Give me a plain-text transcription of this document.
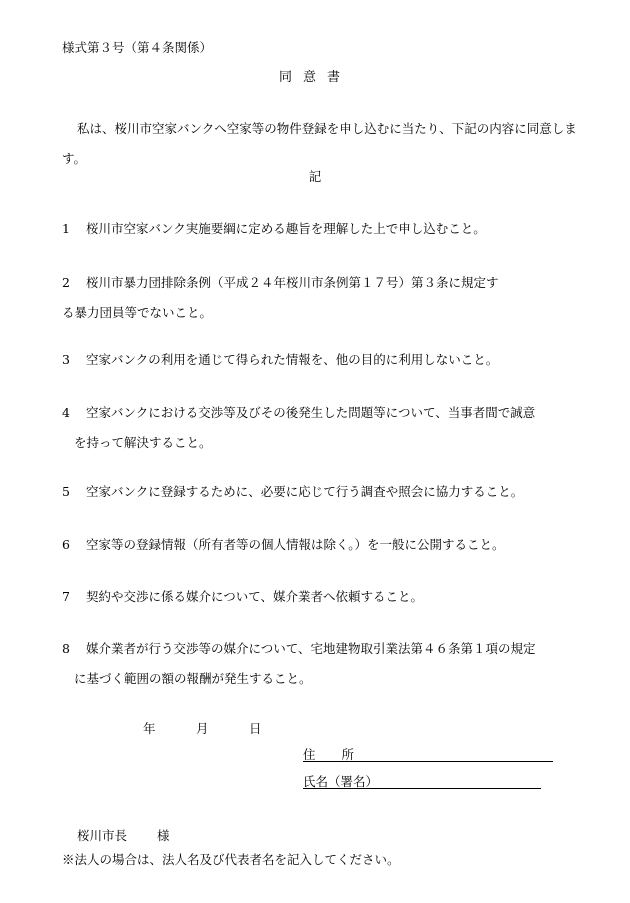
様式第３号（第４条関係）
同意書
私は、桜川市空家バンクへ空家等の物件登録を申し込むに当たり、下記の内容に同意します。
記
1 桜川市空家バンク実施要綱に定める趣旨を理解した上で申し込むこと。
2 桜川市暴力団排除条例（平成２４年桜川市条例第１７号）第３条に規定す
る暴力団員等でないこと。
3 空家バンクの利用を通じて得られた情報を、他の目的に利用しないこと。
4 空家バンクにおける交渉等及びその後発生した問題等について、当事者間で誠意
を持って解決すること。
5 空家バンクに登録するために、必要に応じて行う調査や照会に協力すること。
6 空家等の登録情報（所有者等の個人情報は除く。）を一般に公開すること。
7 契約や交渉に係る媒介について、媒介業者へ依頼すること。
8 媒介業者が行う交渉等の媒介について、宅地建物取引業法第４６条第１項の規定
に基づく範囲の額の報酬が発生すること。
年	月	日
住 所
氏名（署名）
桜川市長 様
※法人の場合は、法人名及び代表者名を記入してください。
